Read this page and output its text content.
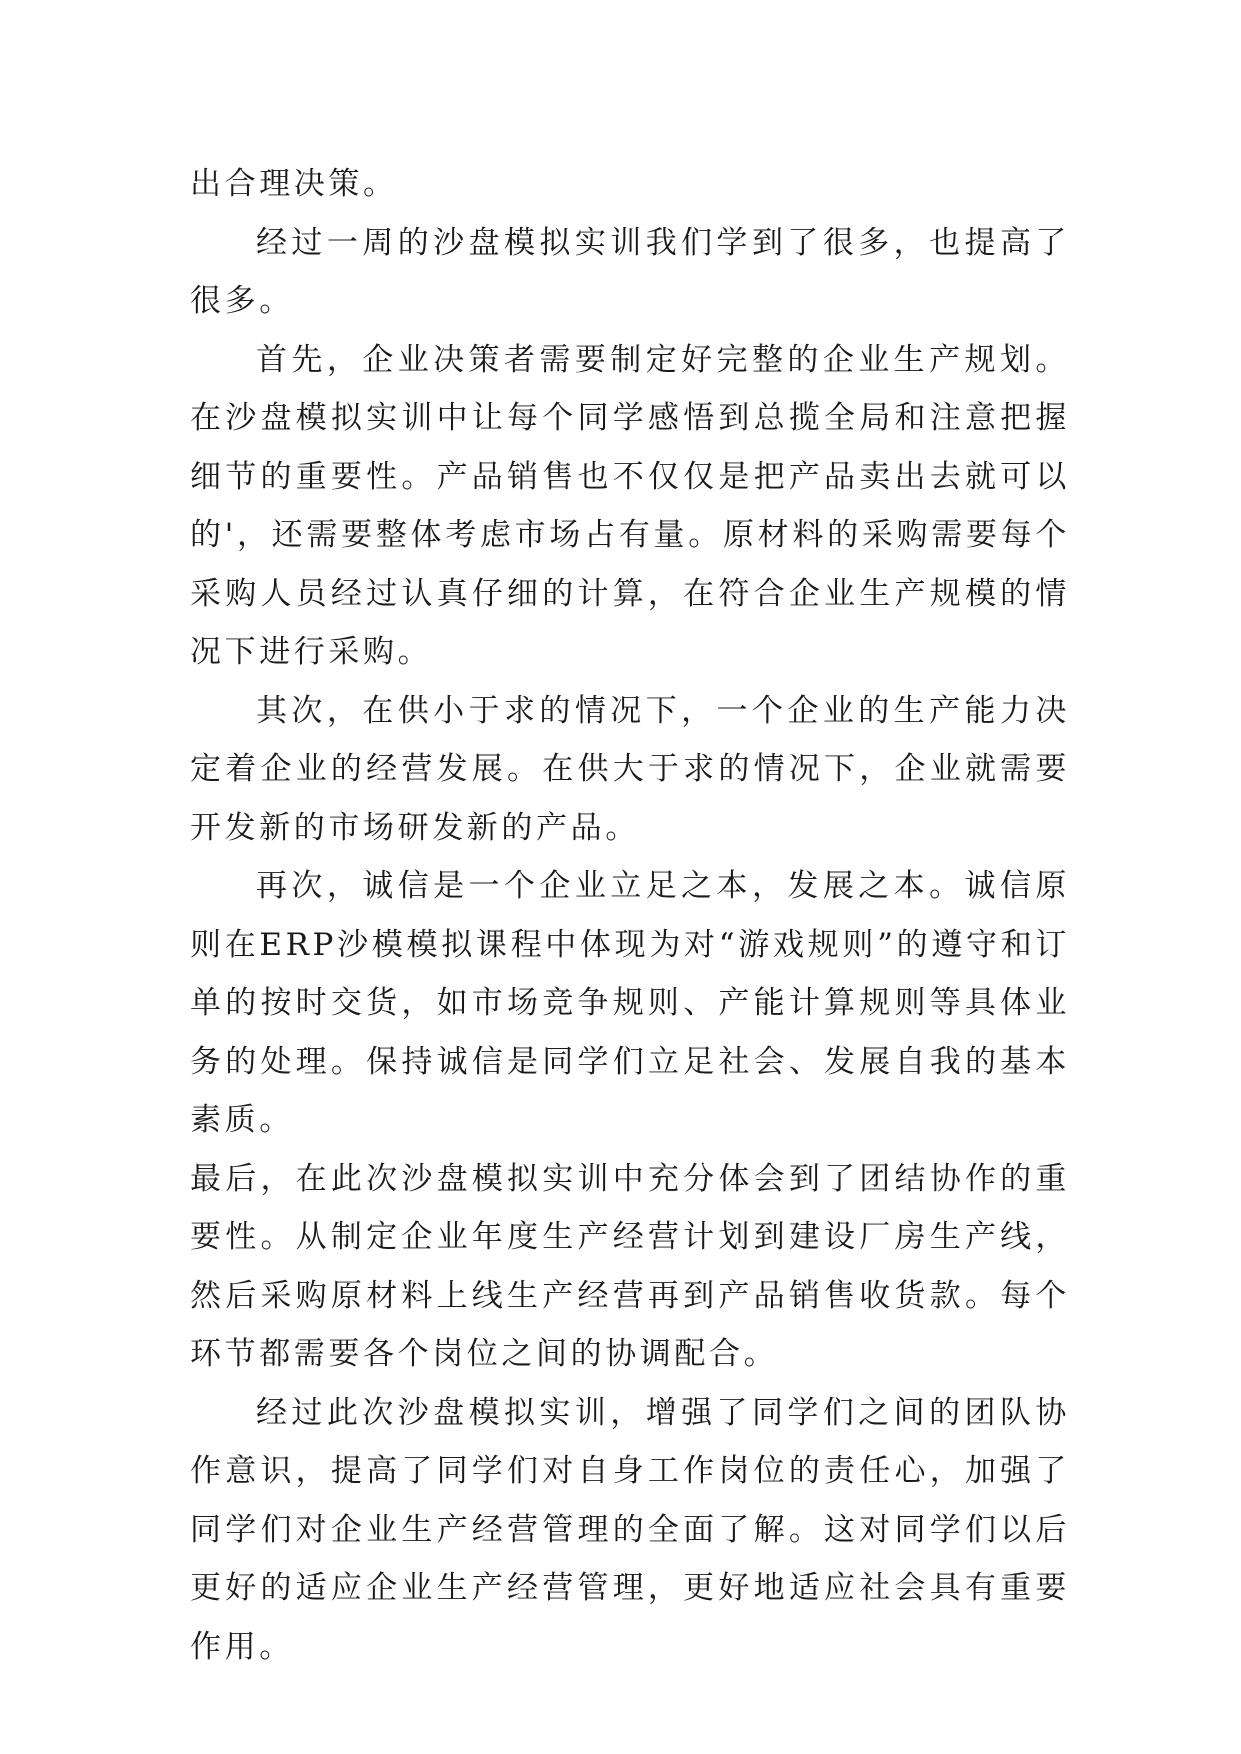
出合理决策。

经过一周的沙盘模拟实训我们学到了很多，也提高了很多。

首先，企业决策者需要制定好完整的企业生产规划。在沙盘模拟实训中让每个同学感悟到总揽全局和注意把握细节的重要性。产品销售也不仅仅是把产品卖出去就可以的'，还需要整体考虑市场占有量。原材料的采购需要每个采购人员经过认真仔细的计算，在符合企业生产规模的情况下进行采购。

其次，在供小于求的情况下，一个企业的生产能力决定着企业的经营发展。在供大于求的情况下，企业就需要开发新的市场研发新的产品。

再次，诚信是一个企业立足之本，发展之本。诚信原则在ERP沙模模拟课程中体现为对“游戏规则”的遵守和订单的按时交货，如市场竞争规则、产能计算规则等具体业务的处理。保持诚信是同学们立足社会、发展自我的基本素质。

最后，在此次沙盘模拟实训中充分体会到了团结协作的重要性。从制定企业年度生产经营计划到建设厂房生产线，然后采购原材料上线生产经营再到产品销售收货款。每个环节都需要各个岗位之间的协调配合。

经过此次沙盘模拟实训，增强了同学们之间的团队协作意识，提高了同学们对自身工作岗位的责任心，加强了同学们对企业生产经营管理的全面了解。这对同学们以后更好的适应企业生产经营管理，更好地适应社会具有重要作用。
